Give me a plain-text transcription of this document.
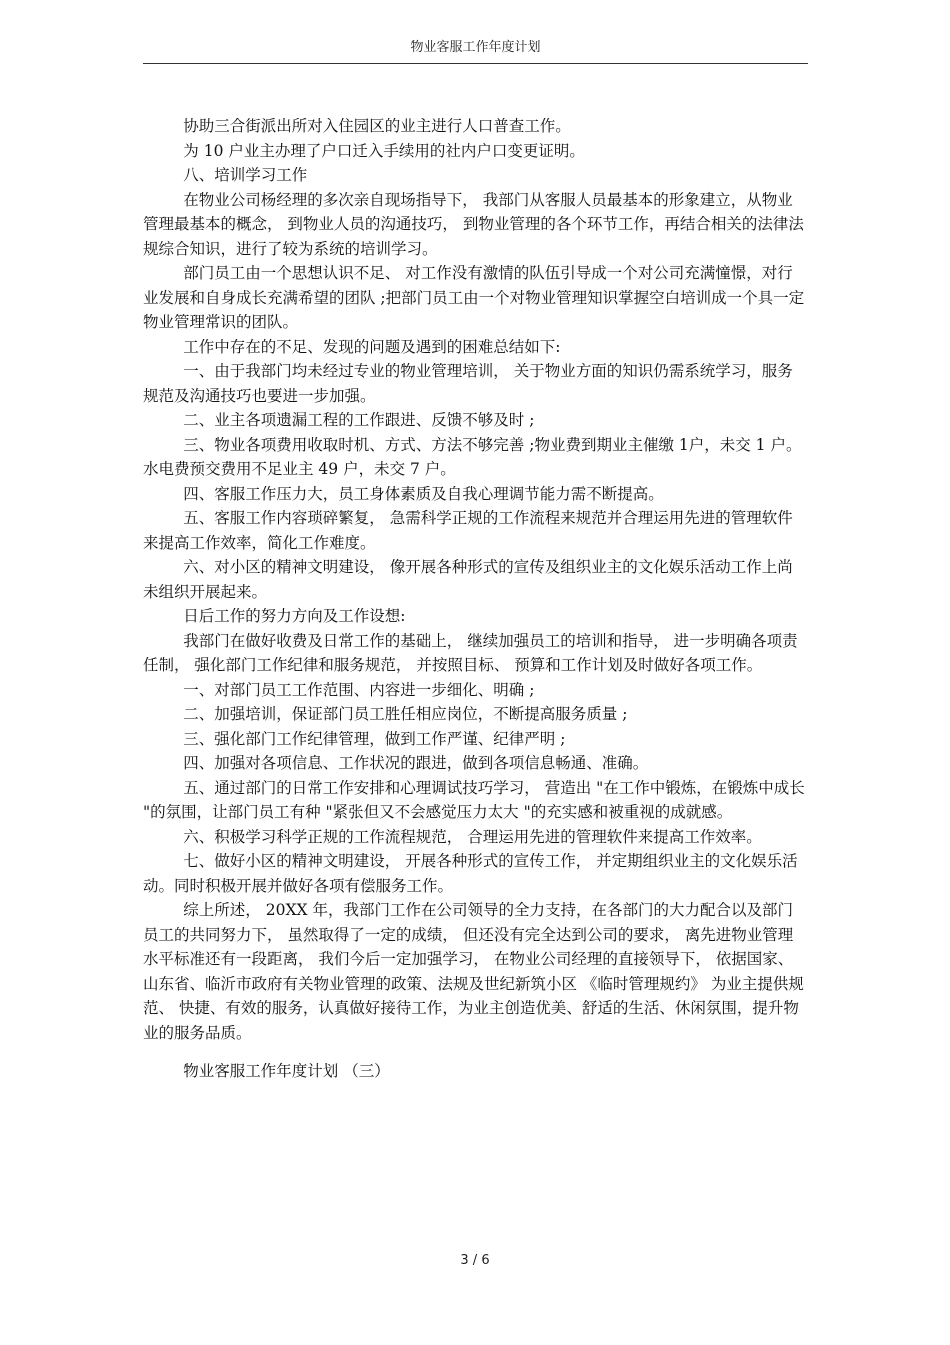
物业客服工作年度计划

协助三合街派出所对入住园区的业主进行人口普查工作。

为 10 户业主办理了户口迁入手续用的社内户口变更证明。

八、培训学习工作

在物业公司杨经理的多次亲自现场指导下， 我部门从客服人员最基本的形象建立，从物业管理最基本的概念， 到物业人员的沟通技巧， 到物业管理的各个环节工作，再结合相关的法律法规综合知识，进行了较为系统的培训学习。

部门员工由一个思想认识不足、 对工作没有激情的队伍引导成一个对公司充满憧憬，对行业发展和自身成长充满希望的团队 ;把部门员工由一个对物业管理知识掌握空白培训成一个具一定物业管理常识的团队。

工作中存在的不足、发现的问题及遇到的困难总结如下:

一、由于我部门均未经过专业的物业管理培训， 关于物业方面的知识仍需系统学习，服务规范及沟通技巧也要进一步加强。

二、业主各项遗漏工程的工作跟进、反馈不够及时 ;

三、物业各项费用收取时机、方式、方法不够完善 ;物业费到期业主催缴 1户，未交 1 户。水电费预交费用不足业主 49 户，未交 7 户。

四、客服工作压力大，员工身体素质及自我心理调节能力需不断提高。

五、客服工作内容琐碎繁复， 急需科学正规的工作流程来规范并合理运用先进的管理软件来提高工作效率，简化工作难度。

六、对小区的精神文明建设， 像开展各种形式的宣传及组织业主的文化娱乐活动工作上尚未组织开展起来。

日后工作的努力方向及工作设想:

我部门在做好收费及日常工作的基础上， 继续加强员工的培训和指导， 进一步明确各项责任制， 强化部门工作纪律和服务规范， 并按照目标、 预算和工作计划及时做好各项工作。

一、对部门员工工作范围、内容进一步细化、明确 ;

二、加强培训，保证部门员工胜任相应岗位，不断提高服务质量 ;

三、强化部门工作纪律管理，做到工作严谨、纪律严明 ;

四、加强对各项信息、工作状况的跟进，做到各项信息畅通、准确。

五、通过部门的日常工作安排和心理调试技巧学习， 营造出 "在工作中锻炼，在锻炼中成长 "的氛围，让部门员工有种 "紧张但又不会感觉压力太大 "的充实感和被重视的成就感。

六、积极学习科学正规的工作流程规范， 合理运用先进的管理软件来提高工作效率。

七、做好小区的精神文明建设， 开展各种形式的宣传工作， 并定期组织业主的文化娱乐活动。同时积极开展并做好各项有偿服务工作。

综上所述， 20XX 年，我部门工作在公司领导的全力支持，在各部门的大力配合以及部门员工的共同努力下， 虽然取得了一定的成绩， 但还没有完全达到公司的要求， 离先进物业管理水平标准还有一段距离， 我们今后一定加强学习， 在物业公司经理的直接领导下， 依据国家、 山东省、临沂市政府有关物业管理的政策、法规及世纪新筑小区 《临时管理规约》 为业主提供规范、 快捷、有效的服务，认真做好接待工作，为业主创造优美、舒适的生活、休闲氛围，提升物业的服务品质。

物业客服工作年度计划 （三）

3 / 6
